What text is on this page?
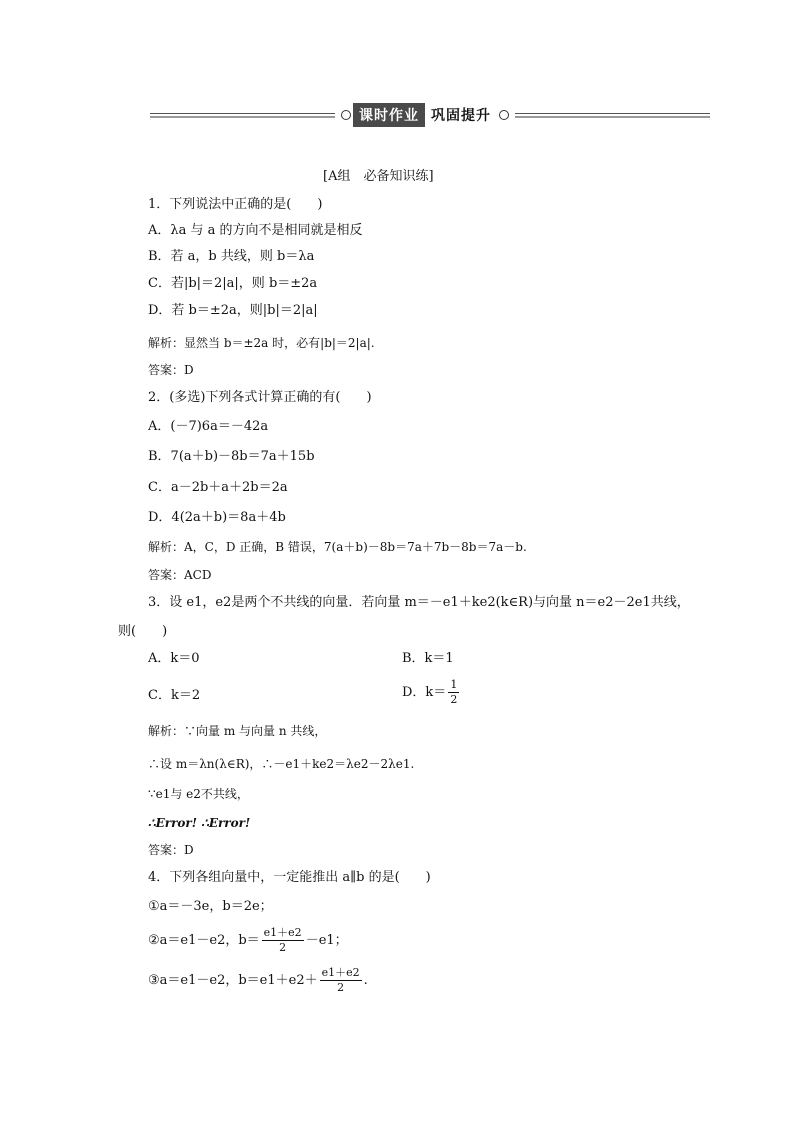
课时作业 巩固提升
[A组　必备知识练]
1．下列说法中正确的是(　　)
A．λa 与 a 的方向不是相同就是相反
B．若 a，b 共线，则 b＝λa
C．若|b|＝2|a|，则 b＝±2a
D．若 b＝±2a，则|b|＝2|a|
解析：显然当 b＝±2a 时，必有|b|＝2|a|.
答案：D
2．(多选)下列各式计算正确的有(　　)
A．(－7)6a＝－42a
B．7(a＋b)－8b＝7a＋15b
C．a－2b＋a＋2b＝2a
D．4(2a＋b)＝8a＋4b
解析：A，C，D 正确，B 错误，7(a＋b)－8b＝7a＋7b－8b＝7a－b.
答案：ACD
3．设 e1，e2是两个不共线的向量．若向量 m＝－e1＋ke2(k∈R)与向量 n＝e2－2e1共线，
则(　　)
A．k＝0	B．k＝1
C．k＝2	D．$k= \frac{1}{2}$
解析：∵向量 m 与向量 n 共线，
∴设 m＝λn(λ∈R)，∴－e1＋ke2＝λe2－2λe1.
∵e1与 e2不共线，
∴Error! ∴Error!
答案：D
4．下列各组向量中，一定能推出 a∥b 的是(　　)
①a＝－3e，b＝2e；
②a＝e1－e2，$b= \frac{e1+e2}{2} -e1$；
③a＝e1－e2，$b=e1+e2+ \frac{e1+e2}{2}$ .
